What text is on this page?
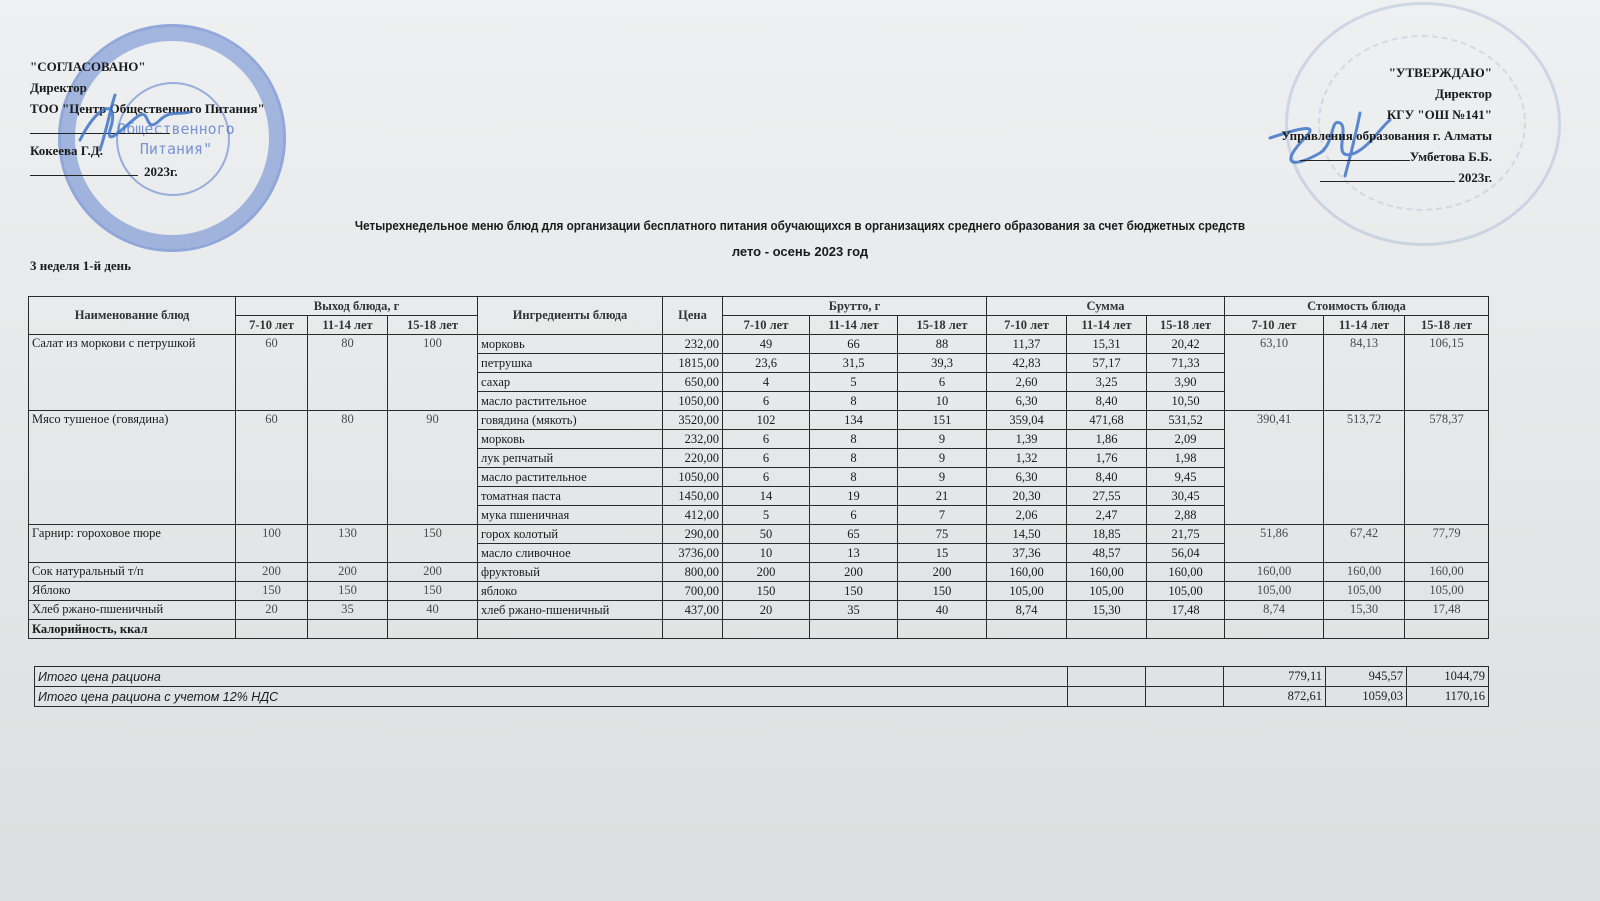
Общественного
Питания"
"СОГЛАСОВАНО"
Директор
ТОО "Центр Общественного Питания"
Кокеева Г.Д.
2023г.
"УТВЕРЖДАЮ"
Директор
КГУ "ОШ №141"
Управления образования г. Алматы
Умбетова Б.Б.
2023г.
Четырехнедельное меню блюд для организации бесплатного питания обучающихся в организациях среднего образования за счет бюджетных средств
лето - осень 2023 год
3 неделя 1-й день
Наименование блюд	Выход блюда, г			Ингредиенты блюда	Цена	Брутто, г			Сумма			Стоимость блюда		
	7-10 лет	11-14 лет	15-18 лет			7-10 лет	11-14 лет	15-18 лет	7-10 лет	11-14 лет	15-18 лет	7-10 лет	11-14 лет	15-18 лет
Салат из моркови с петрушкой	60	80	100	морковь	232,00	49	66	88	11,37	15,31	20,42	63,10	84,13	106,15
				петрушка	1815,00	23,6	31,5	39,3	42,83	57,17	71,33			
				сахар	650,00	4	5	6	2,60	3,25	3,90			
				масло растительное	1050,00	6	8	10	6,30	8,40	10,50			
Мясо тушеное (говядина)	60	80	90	говядина (мякоть)	3520,00	102	134	151	359,04	471,68	531,52	390,41	513,72	578,37
				морковь	232,00	6	8	9	1,39	1,86	2,09			
				лук репчатый	220,00	6	8	9	1,32	1,76	1,98			
				масло растительное	1050,00	6	8	9	6,30	8,40	9,45			
				томатная паста	1450,00	14	19	21	20,30	27,55	30,45			
				мука пшеничная	412,00	5	6	7	2,06	2,47	2,88			
Гарнир: гороховое пюре	100	130	150	горох колотый	290,00	50	65	75	14,50	18,85	21,75	51,86	67,42	77,79
				масло сливочное	3736,00	10	13	15	37,36	48,57	56,04			
Сок натуральный т/п	200	200	200	фруктовый	800,00	200	200	200	160,00	160,00	160,00	160,00	160,00	160,00
Яблоко	150	150	150	яблоко	700,00	150	150	150	105,00	105,00	105,00	105,00	105,00	105,00
Хлеб ржано-пшеничный	20	35	40	хлеб ржано-пшеничный	437,00	20	35	40	8,74	15,30	17,48	8,74	15,30	17,48
Калорийность, ккал														
Итого цена рациона			779,11	945,57	1044,79
Итого цена рациона с учетом 12% НДС			872,61	1059,03	1170,16
